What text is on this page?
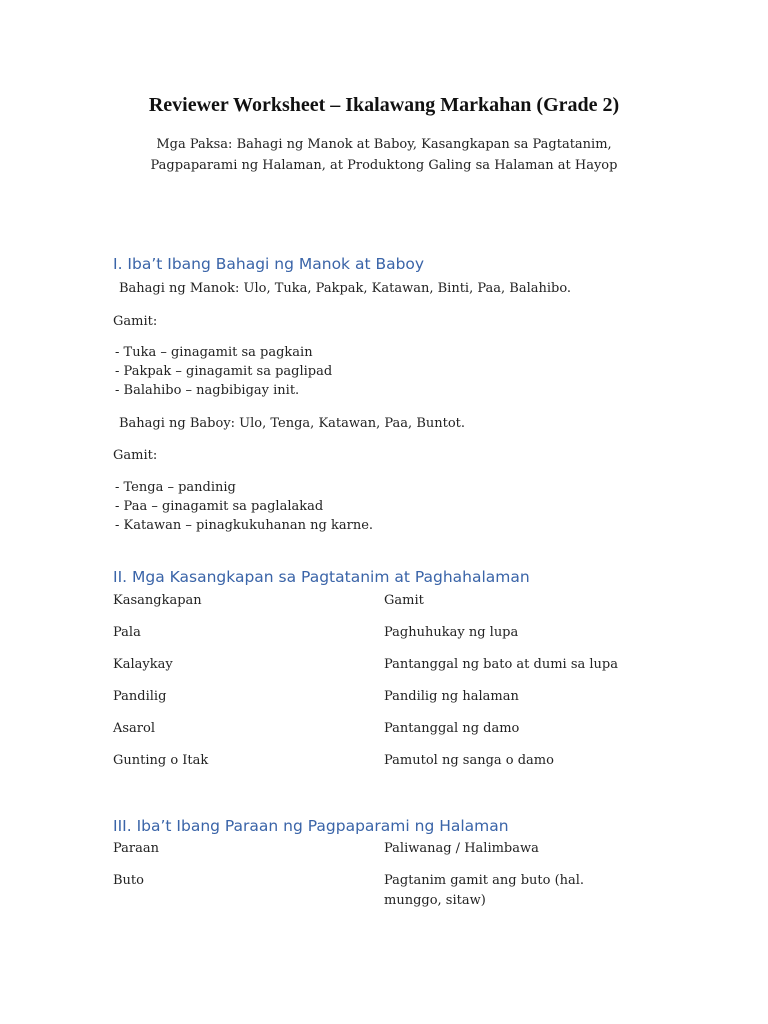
Reviewer Worksheet – Ikalawang Markahan (Grade 2)
Mga Paksa: Bahagi ng Manok at Baboy, Kasangkapan sa Pagtatanim, Pagpaparami ng Halaman, at Produktong Galing sa Halaman at Hayop
I. Iba’t Ibang Bahagi ng Manok at Baboy
Bahagi ng Manok: Ulo, Tuka, Pakpak, Katawan, Binti, Paa, Balahibo.
Gamit:
- Tuka – ginagamit sa pagkain
- Pakpak – ginagamit sa paglipad
- Balahibo – nagbibigay init.
Bahagi ng Baboy: Ulo, Tenga, Katawan, Paa, Buntot.
Gamit:
- Tenga – pandinig
- Paa – ginagamit sa paglalakad
- Katawan – pinagkukuhanan ng karne.
II. Mga Kasangkapan sa Pagtatanim at Paghahalaman
Kasangkapan	Gamit
Pala	Paghuhukay ng lupa
Kalaykay	Pantanggal ng bato at dumi sa lupa
Pandilig	Pandilig ng halaman
Asarol	Pantanggal ng damo
Gunting o Itak	Pamutol ng sanga o damo
III. Iba’t Ibang Paraan ng Pagpaparami ng Halaman
Paraan	Paliwanag / Halimbawa
Buto	Pagtanim gamit ang buto (hal. munggo, sitaw)
